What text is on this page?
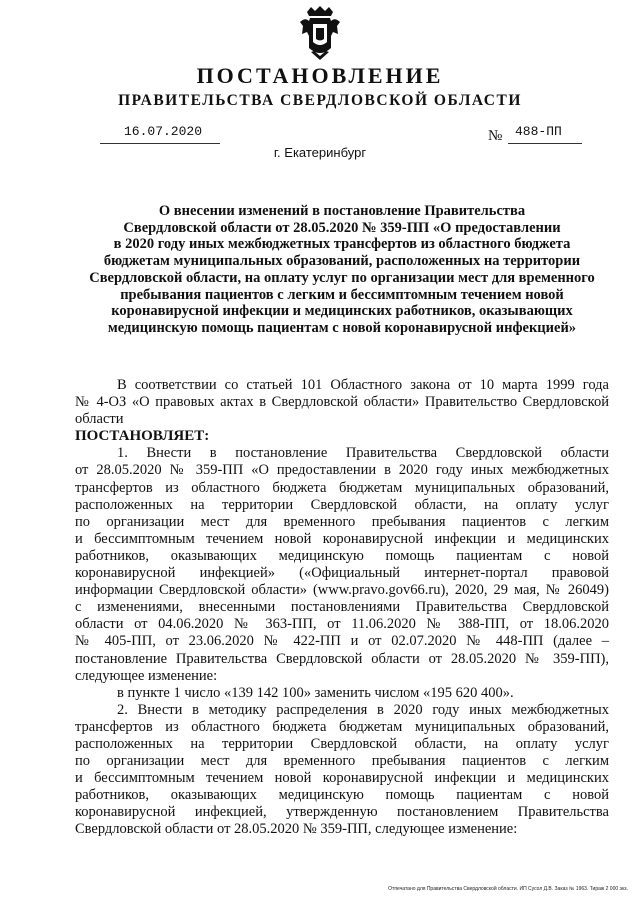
ПОСТАНОВЛЕНИЕ
ПРАВИТЕЛЬСТВА СВЕРДЛОВСКОЙ ОБЛАСТИ
16.07.2020	№ 488-ПП
г. Екатеринбург
О внесении изменений в постановление Правительства
Свердловской области от 28.05.2020 № 359-ПП «О предоставлении
в 2020 году иных межбюджетных трансфертов из областного бюджета
бюджетам муниципальных образований, расположенных на территории
Свердловской области, на оплату услуг по организации мест для временного
пребывания пациентов с легким и бессимптомным течением новой
коронавирусной инфекции и медицинских работников, оказывающих
медицинскую помощь пациентам с новой коронавирусной инфекцией»
В соответствии со статьей 101 Областного закона от 10 марта 1999 года
№ 4-ОЗ «О правовых актах в Свердловской области» Правительство Свердловской
области
ПОСТАНОВЛЯЕТ:
1. Внести в постановление Правительства Свердловской области
от 28.05.2020 № 359-ПП «О предоставлении в 2020 году иных межбюджетных
трансфертов из областного бюджета бюджетам муниципальных образований,
расположенных на территории Свердловской области, на оплату услуг
по организации мест для временного пребывания пациентов с легким
и бессимптомным течением новой коронавирусной инфекции и медицинских
работников, оказывающих медицинскую помощь пациентам с новой
коронавирусной инфекцией» («Официальный интернет-портал правовой
информации Свердловской области» (www.pravo.gov66.ru), 2020, 29 мая, № 26049)
с изменениями, внесенными постановлениями Правительства Свердловской
области от 04.06.2020 № 363-ПП, от 11.06.2020 № 388-ПП, от 18.06.2020
№ 405-ПП, от 23.06.2020 № 422-ПП и от 02.07.2020 № 448-ПП (далее –
постановление Правительства Свердловской области от 28.05.2020 № 359-ПП),
следующее изменение:
в пункте 1 число «139 142 100» заменить числом «195 620 400».
2. Внести в методику распределения в 2020 году иных межбюджетных
трансфертов из областного бюджета бюджетам муниципальных образований,
расположенных на территории Свердловской области, на оплату услуг
по организации мест для временного пребывания пациентов с легким
и бессимптомным течением новой коронавирусной инфекции и медицинских
работников, оказывающих медицинскую помощь пациентам с новой
коронавирусной инфекцией, утвержденную постановлением Правительства
Свердловской области от 28.05.2020 № 359-ПП, следующее изменение:
Отпечатано для Правительства Свердловской области. ИП Сусол Д.В. Заказ № 1963. Тираж 2 000 экз.
